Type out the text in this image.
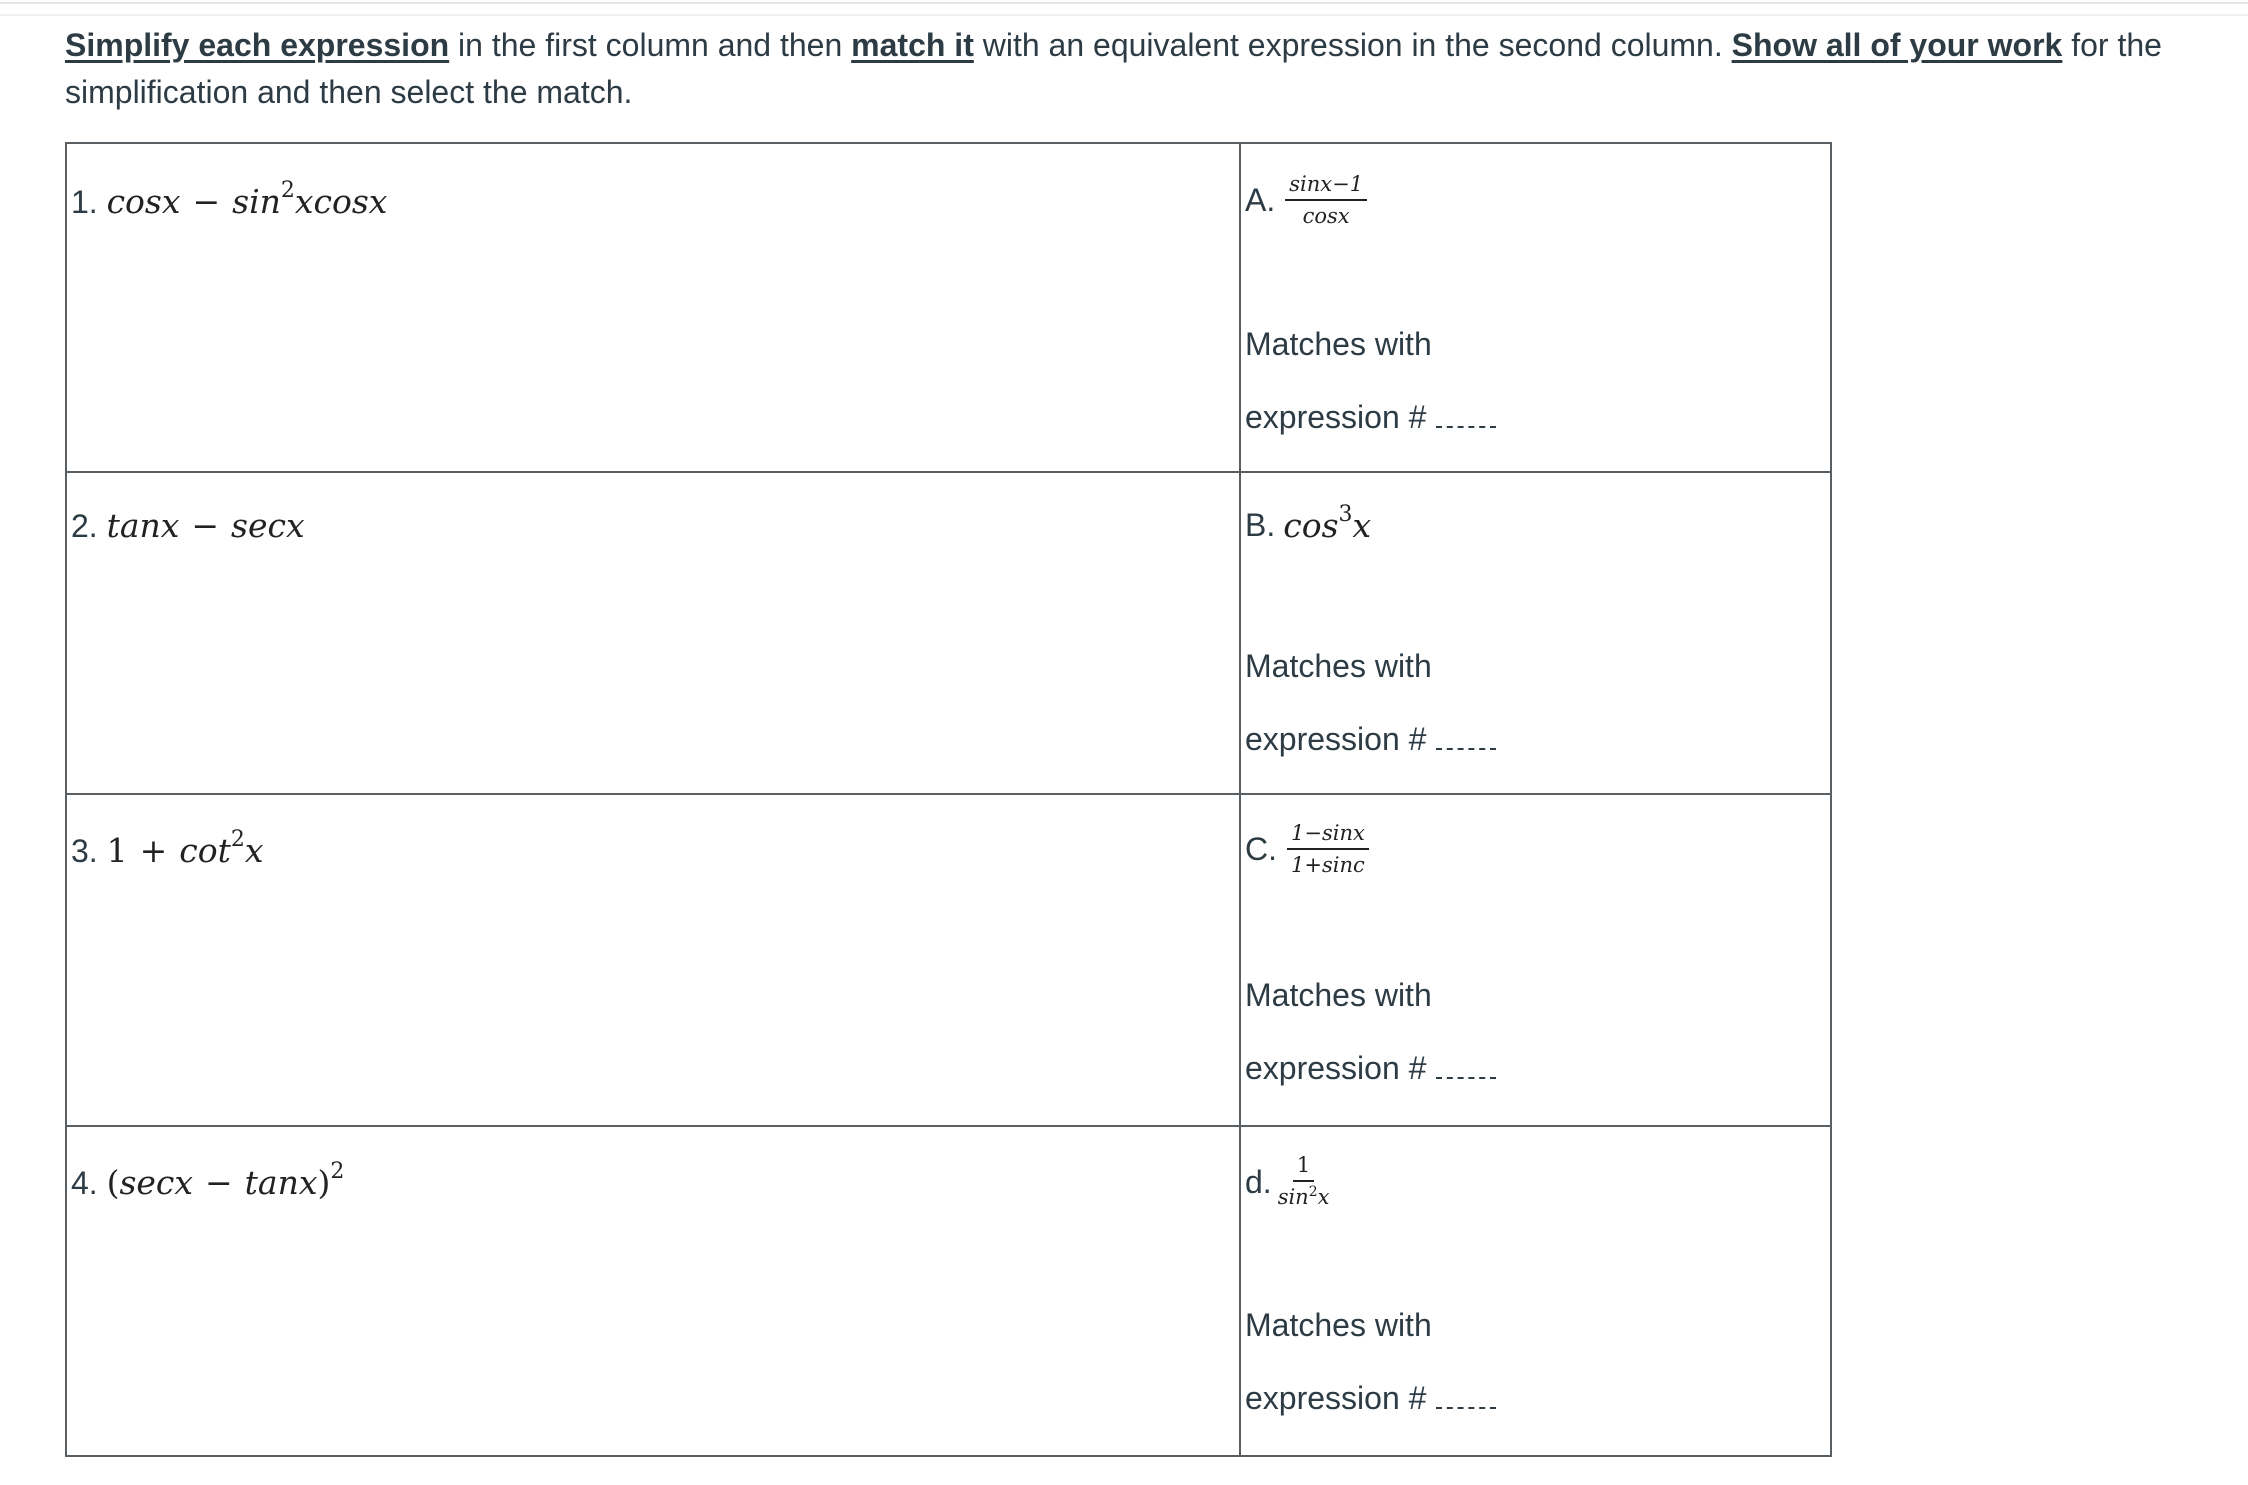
Simplify each expression in the first column and then match it with an equivalent expression in the second column. Show all of your work for the simplification and then select the match.
1. $\cos x - \sin^2xcosx$	A. $\frac{\sin x-1}{\cos x}$
Matches with
expression #

2. tanx − secx	B. $\cos^3x$
Matches with
expression #

3. $1 + \cot^2x$	C. $\frac{1-\sin x}{1+\sin c}$
Matches with
expression #

4. $(\sec x - \tan x)^2$	d. $\frac{1}{\sin^2x}$
Matches with
expression #
